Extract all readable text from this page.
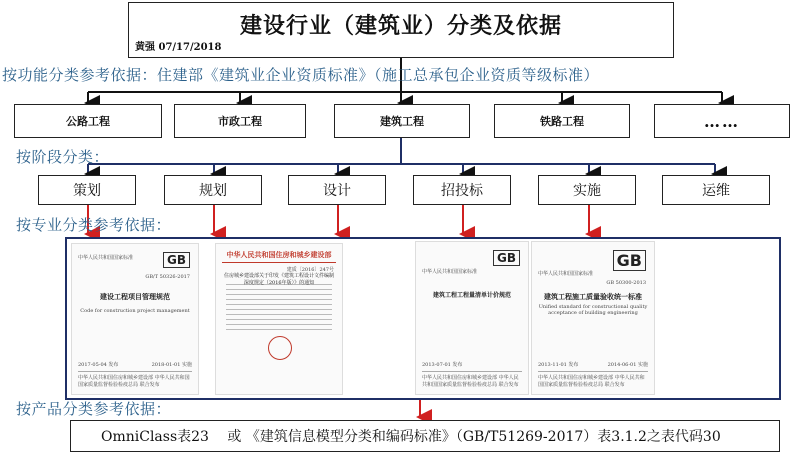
建设行业（建筑业）分类及依据
黄强 07/17/2018
按功能分类参考依据：住建部《建筑业企业资质标准》（施工总承包企业资质等级标准）
公路工程	市政工程	建筑工程	铁路工程	……
按阶段分类：
策划	规划	设计	招投标	实施	运维
按专业分类参考依据：
GB
中华人民共和国国家标准
GB/T 50326-2017
建设工程项目管理规范
Code for construction project management
2017-05-04 发布	2018-01-01 实施
中华人民共和国住房和城乡建设部 中华人民共和国国家质量监督检验检疫总局 联合发布
中华人民共和国住房和城乡建设部
建质〔2016〕247号
住房城乡建设部关于印发《建筑工程设计文件编制深度规定（2016年版）》的通知
GB
中华人民共和国国家标准
建筑工程工程量清单计价规范
2013-07-01 发布
中华人民共和国住房和城乡建设部 中华人民共和国国家质量监督检验检疫总局 联合发布
GB
中华人民共和国国家标准
GB 50300-2013
建筑工程施工质量验收统一标准
Unified standard for constructional quality acceptance of building engineering
2013-11-01 发布	2014-06-01 实施
中华人民共和国住房和城乡建设部 中华人民共和国国家质量监督检验检疫总局 联合发布
按产品分类参考依据：
OmniClass表23　 或 《建筑信息模型分类和编码标准》（GB/T51269-2017）表3.1.2之表代码30
